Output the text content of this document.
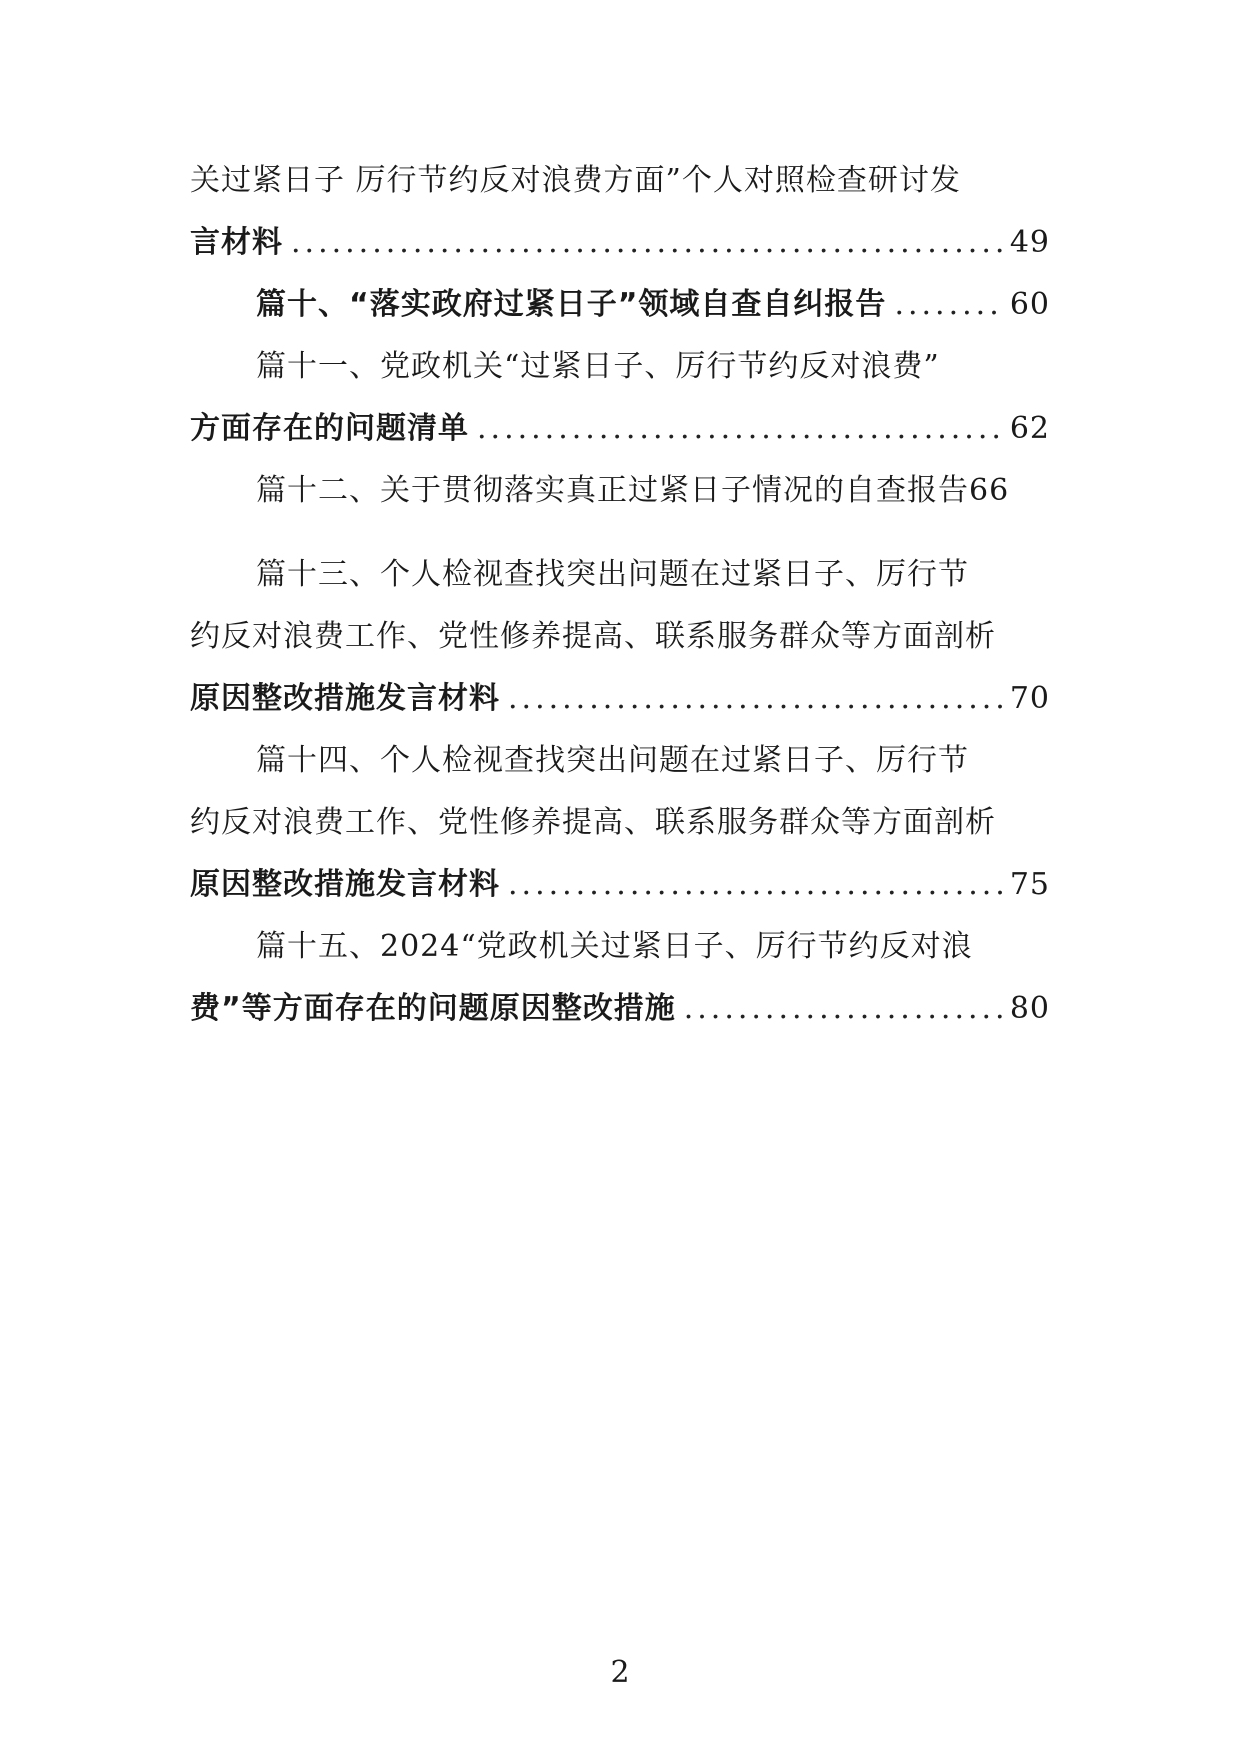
关过紧日子 厉行节约反对浪费方面”个人对照检查研讨发
言材料 .....	49
篇十、“落实政府过紧日子”领域自查自纠报告 .....	60
篇十一、党政机关“过紧日子、厉行节约反对浪费”
方面存在的问题清单 .....	62
篇十二、关于贯彻落实真正过紧日子情况的自查报告 66
篇十三、个人检视查找突出问题在过紧日子、厉行节
约反对浪费工作、党性修养提高、联系服务群众等方面剖析
原因整改措施发言材料 .....	70
篇十四、个人检视查找突出问题在过紧日子、厉行节
约反对浪费工作、党性修养提高、联系服务群众等方面剖析
原因整改措施发言材料 .....	75
篇十五、2024“党政机关过紧日子、厉行节约反对浪
费”等方面存在的问题原因整改措施 .....	80
2
